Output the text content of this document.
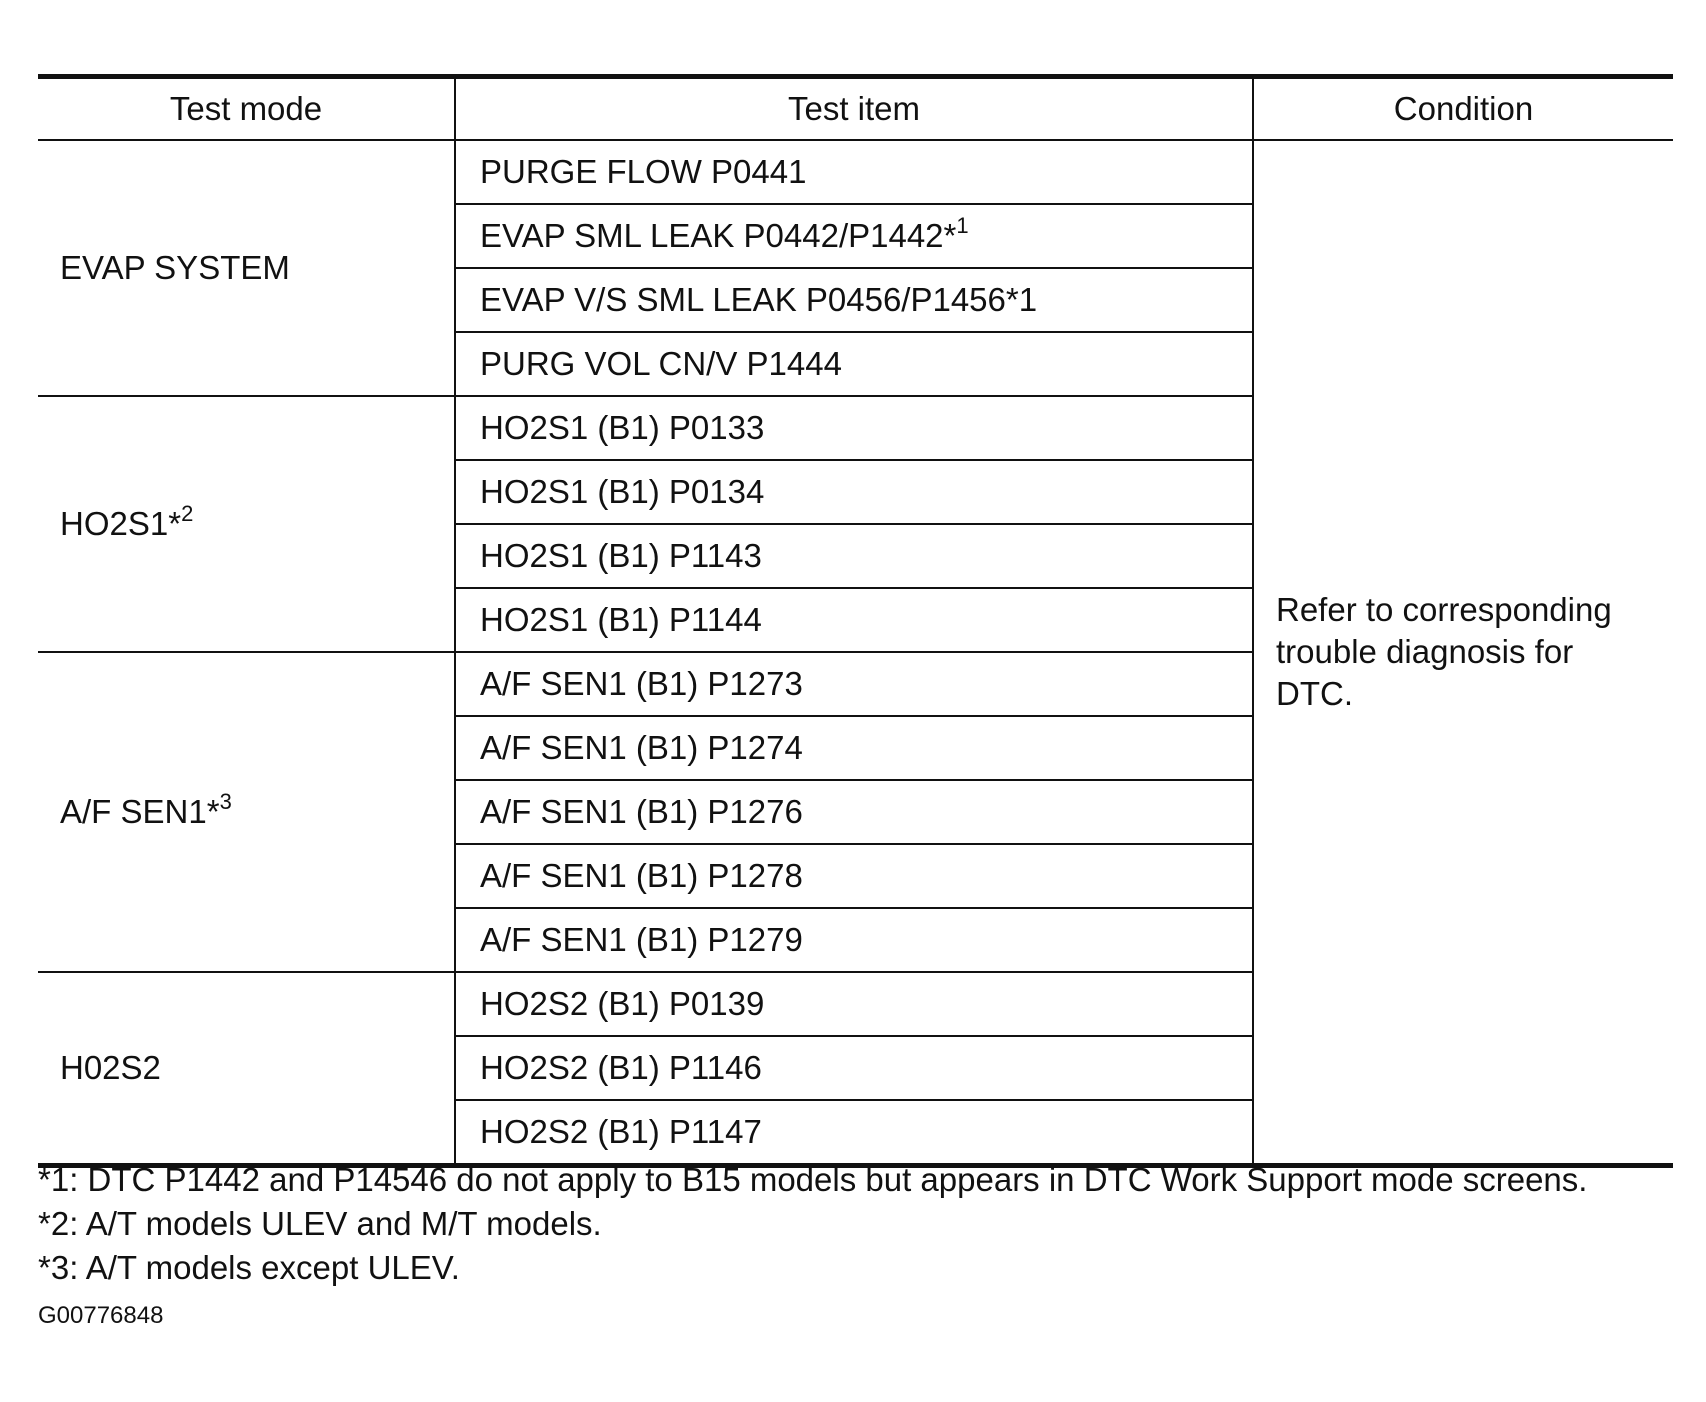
Test mode	Test item	Condition
EVAP SYSTEM	PURGE FLOW P0441	Refer to corresponding trouble diagnosis for DTC.
	EVAP SML LEAK P0442/P1442*$^1$
	EVAP V/S SML LEAK P0456/P1456*1	
	PURG VOL CN/V P1444	
HO2S1*$^2$	HO2S1 (B1) P0133	
	HO2S1 (B1) P0134	
	HO2S1 (B1) P1143	
	HO2S1 (B1) P1144	
A/F SEN1*$^3$	A/F SEN1 (B1) P1273	
	A/F SEN1 (B1) P1274	
	A/F SEN1 (B1) P1276	
	A/F SEN1 (B1) P1278	
	A/F SEN1 (B1) P1279	
H02S2	HO2S2 (B1) P0139	
	HO2S2 (B1) P1146	
	HO2S2 (B1) P1147	
*1: DTC P1442 and P14546 do not apply to B15 models but appears in DTC Work Support mode screens.
*2: A/T models ULEV and M/T models.
*3: A/T models except ULEV.
G00776848
